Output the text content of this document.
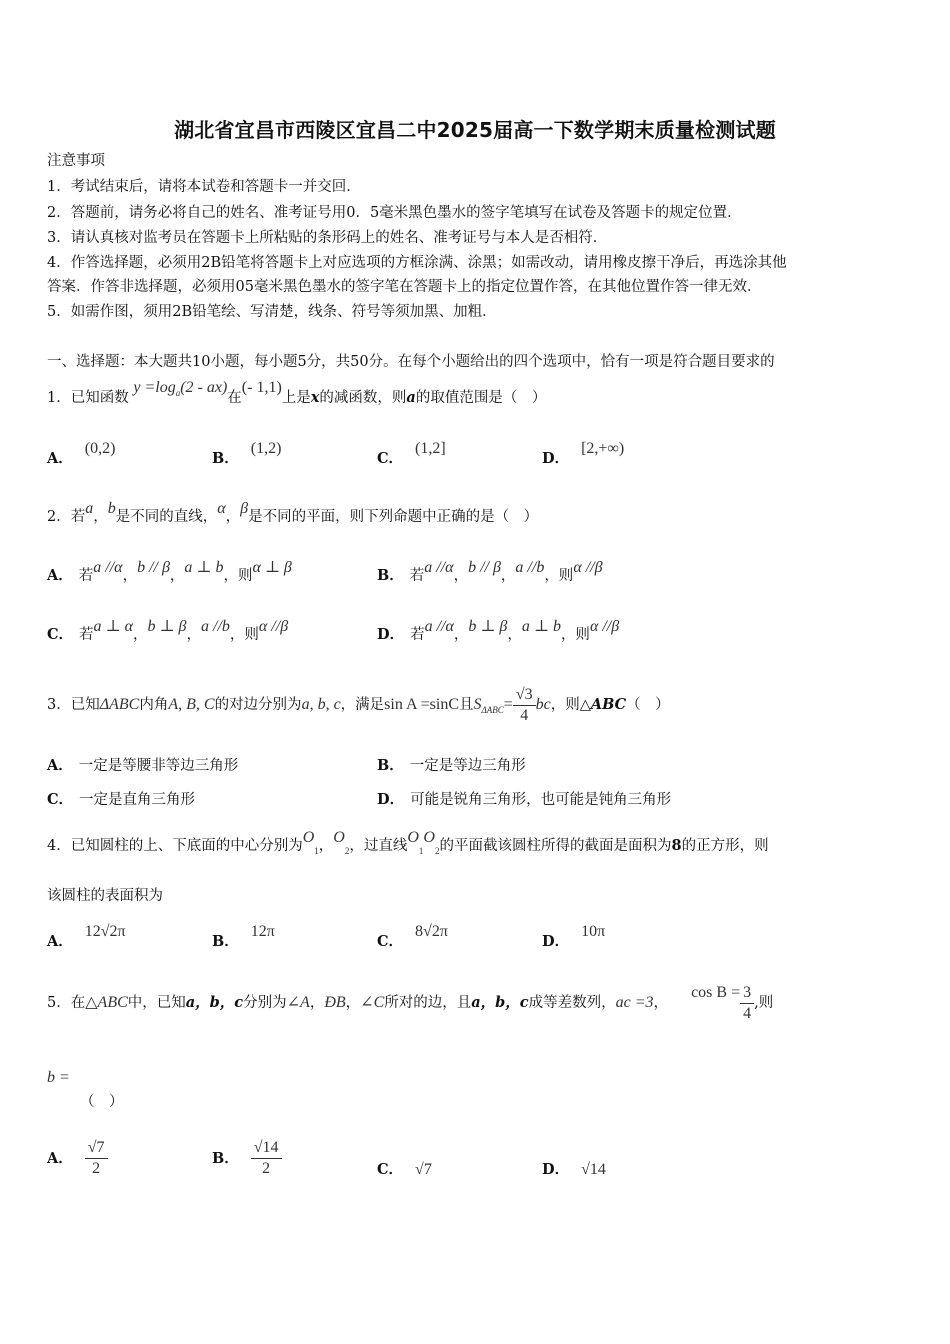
湖北省宜昌市西陵区宜昌二中2025届高一下数学期末质量检测试题
注意事项
1．考试结束后，请将本试卷和答题卡一并交回．
2．答题前，请务必将自己的姓名、准考证号用0．5毫米黑色墨水的签字笔填写在试卷及答题卡的规定位置．
3．请认真核对监考员在答题卡上所粘贴的条形码上的姓名、准考证号与本人是否相符．
4．作答选择题，必须用2B铅笔将答题卡上对应选项的方框涂满、涂黑；如需改动，请用橡皮擦干净后，再选涂其他
答案．作答非选择题，必须用05毫米黑色墨水的签字笔在答题卡上的指定位置作答，在其他位置作答一律无效．
5．如需作图，须用2B铅笔绘、写清楚，线条、符号等须加黑、加粗．
一、选择题：本大题共10小题，每小题5分，共50分。在每个小题给出的四个选项中，恰有一项是符合题目要求的
1．已知函数 $y =\log_a(2 - ax)$在(- 1,1)上是x的减函数，则a的取值范围是（　）
A．(0,2)
B．(1,2)
C．(1,2]
D．[2,+∞)
2．若a，b是不同的直线，α，β是不同的平面，则下列命题中正确的是（　）
A． 若a //α，b // β，a ⊥ b，则α ⊥ β	B． 若a //α，b // β，a //b，则α //β
C． 若a ⊥ α，b ⊥ β，a //b，则α //β	D． 若a //α，b ⊥ β，a ⊥ b，则α //β
3．已知ΔABC内角A, B, C的对边分别为a, b, c，满足sin A =sinC且$S_{\Delta ABC}= \frac{√3}{4}$ bc，则△ABC（　）
A． 一定是等腰非等边三角形	B． 一定是等边三角形
C． 一定是直角三角形	D． 可能是锐角三角形，也可能是钝角三角形
4．已知圆柱的上、下底面的中心分别为$O_1$，$O_2$，过直线$O_1O_2$的平面截该圆柱所得的截面是面积为8的正方形，则
该圆柱的表面积为
A．12√2π
B．12π
C．8√2π
D．10π
5．在△ABC中，已知a，b，c分别为∠A，ÐB，∠C所对的边，且a，b，c成等差数列，ac =3，     $\cos B = \frac{3}{4}$ ,则
b =

（　）
A． $\frac{√7}{2}$	B． $\frac{√14}{2}$	C． √7	D． √14
